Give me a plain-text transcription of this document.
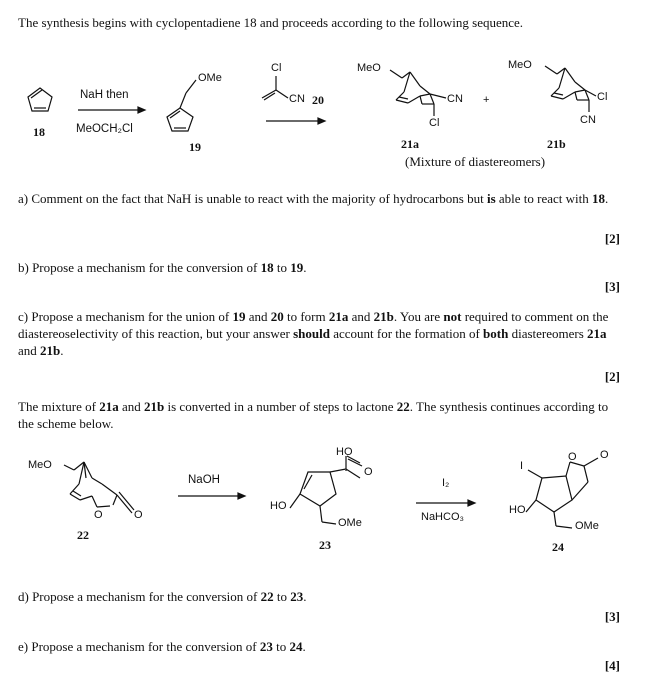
The synthesis begins with cyclopentadiene 18 and proceeds according to the following sequence.
NaH then
MeOCH₂Cl
18
OMe
19
Cl
CN 20
MeO
CN
Cl
+
21a
MeO
Cl
CN
21b
(Mixture of diastereomers)
a) Comment on the fact that NaH is unable to react with the majority of hydrocarbons but is able to react with 18.
[2]
b) Propose a mechanism for the conversion of 18 to 19.
[3]
c) Propose a mechanism for the union of 19 and 20 to form 21a and 21b. You are not required to comment on the diastereoselectivity of this reaction, but your answer should account for the formation of both diastereomers 21a and 21b.
[2]
The mixture of 21a and 21b is converted in a number of steps to lactone 22. The synthesis continues according to the scheme below.
MeO
O	O
22
NaOH
HO
O
HO
OMe
23
I₂
NaHCO₃
I
O O
HO
OMe
24
d) Propose a mechanism for the conversion of 22 to 23.
[3]
e) Propose a mechanism for the conversion of 23 to 24.
[4]
